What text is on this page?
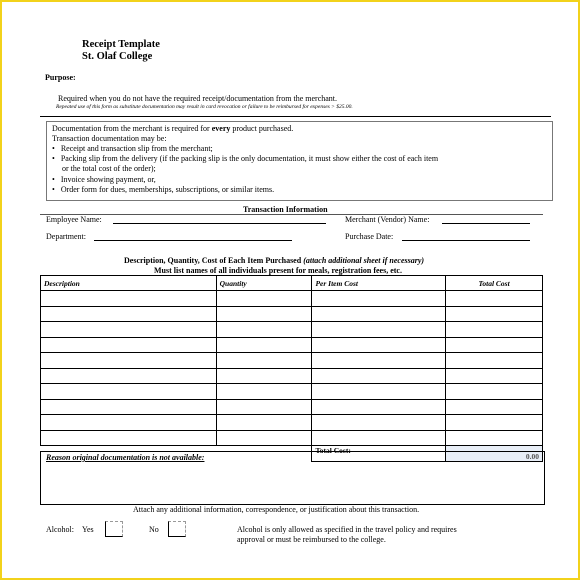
Receipt Template
St. Olaf College
Purpose:
Required when you do not have the required receipt/documentation from the merchant.
Repeated use of this form as substitute documentation may result in card revocation or failure to be reimbursed for expenses > $25.00.
Documentation from the merchant is required for every product purchased.
Transaction documentation may be:
•   Receipt and transaction slip from the merchant;
•   Packing slip from the delivery (if the packing slip is the only documentation, it must show either the cost of each item
or the total cost of the order);
•   Invoice showing payment, or,
•   Order form for dues, memberships, subscriptions, or similar items.
Transaction Information
Employee Name:	Merchant (Vendor) Name:
Department:	Purchase Date:
Description, Quantity, Cost of Each Item Purchased (attach additional sheet if necessary)
Must list names of all individuals present for meals, registration fees, etc.
Description	Quantity	Per Item Cost	Total Cost

		Total Cost:	0.00
Reason original documentation is not available:
Attach any additional information, correspondence, or justification about this transaction.
Alcohol: Yes	No	Alcohol is only allowed as specified in the travel policy and requires
approval or must be reimbursed to the college.
